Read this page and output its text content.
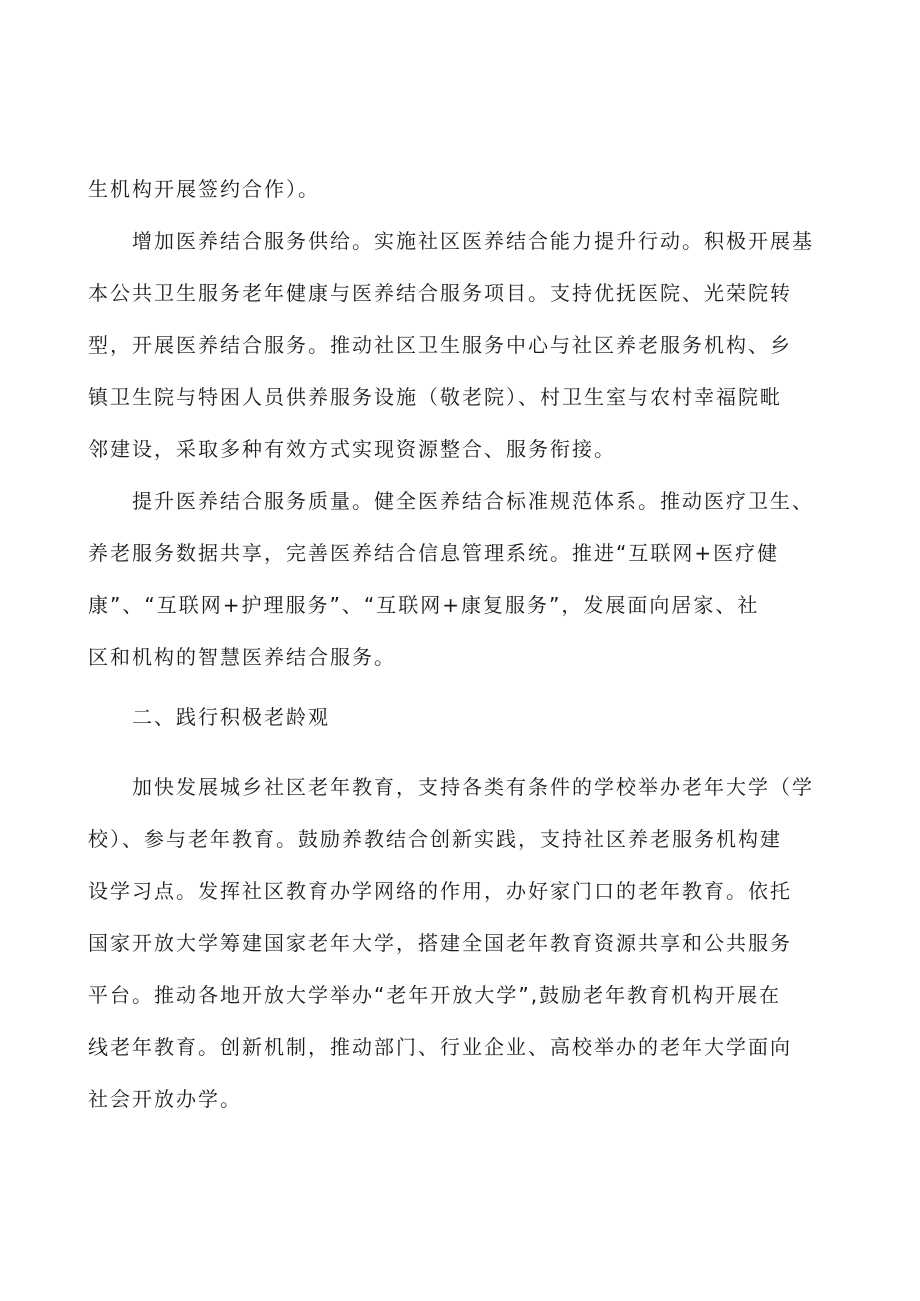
生机构开展签约合作）。
增加医养结合服务供给。实施社区医养结合能力提升行动。积极开展基
本公共卫生服务老年健康与医养结合服务项目。支持优抚医院、光荣院转
型，开展医养结合服务。推动社区卫生服务中心与社区养老服务机构、乡
镇卫生院与特困人员供养服务设施（敬老院）、村卫生室与农村幸福院毗
邻建设，采取多种有效方式实现资源整合、服务衔接。
提升医养结合服务质量。健全医养结合标准规范体系。推动医疗卫生、
养老服务数据共享，完善医养结合信息管理系统。推进“互联网+医疗健
康”、“互联网+护理服务”、“互联网+康复服务”，发展面向居家、社
区和机构的智慧医养结合服务。
二、践行积极老龄观
加快发展城乡社区老年教育，支持各类有条件的学校举办老年大学（学
校）、参与老年教育。鼓励养教结合创新实践，支持社区养老服务机构建
设学习点。发挥社区教育办学网络的作用，办好家门口的老年教育。依托
国家开放大学筹建国家老年大学，搭建全国老年教育资源共享和公共服务
平台。推动各地开放大学举办“老年开放大学”,鼓励老年教育机构开展在
线老年教育。创新机制，推动部门、行业企业、高校举办的老年大学面向
社会开放办学。
